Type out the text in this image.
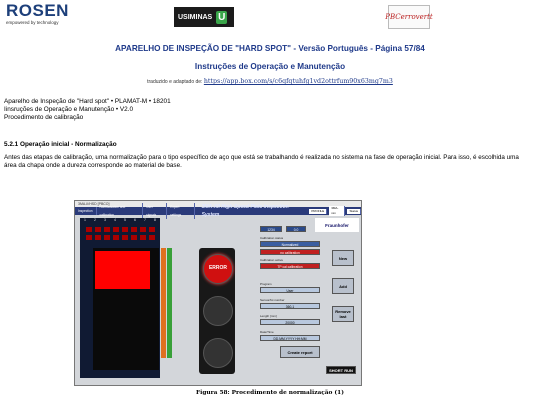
ROSEN
empowered by technology
USIMINAS U	PBCerrovertt
APARELHO DE INSPEÇÃO DE "HARD SPOT" - Versão Português - Página 57/84
Instruções de Operação e Manutenção
traduzido e adaptado de: https://app.box.com/s/c6qfqtuhfg1vd2ottrfum90x63mg7m3
Aparelho de Inspeção de "Hard spot" • PLAMAT-M • 18201
Iinsruções de Operação e Manutenção • V2.0
Procedimento de calibração
5.2.1 Operação inicial - Normalização
Antes das etapas de calibração, uma normalização para o tipo específico de aço que está se trabalhando é realizada no sistema na fase de operação inicial. Para isso, é escolhida uma área da chapa onde a dureza corresponde ao material de base.
3MA-II/HSD [PBCO]
Inspection
Normalisation and calibration
User signals
Expert settings
3MA-XII High-Speed Plate Inspection System
PROFILE
3MA-xxx
Status
1 2 3 4 5 6 7 8
ERROR
Fraunhofer
1234	0.0
Calibration status
Normalized
no calibration
Calibration active
TP cal calibration
Program
User
Sensor/Ist number
360-1
Length [mm]
20000
Date/Time
DD.MM.YYYY HH:MM
New
Add
Remove last
Create report
SHORT RUN
Figura 58: Procedimento de normalização (1)
